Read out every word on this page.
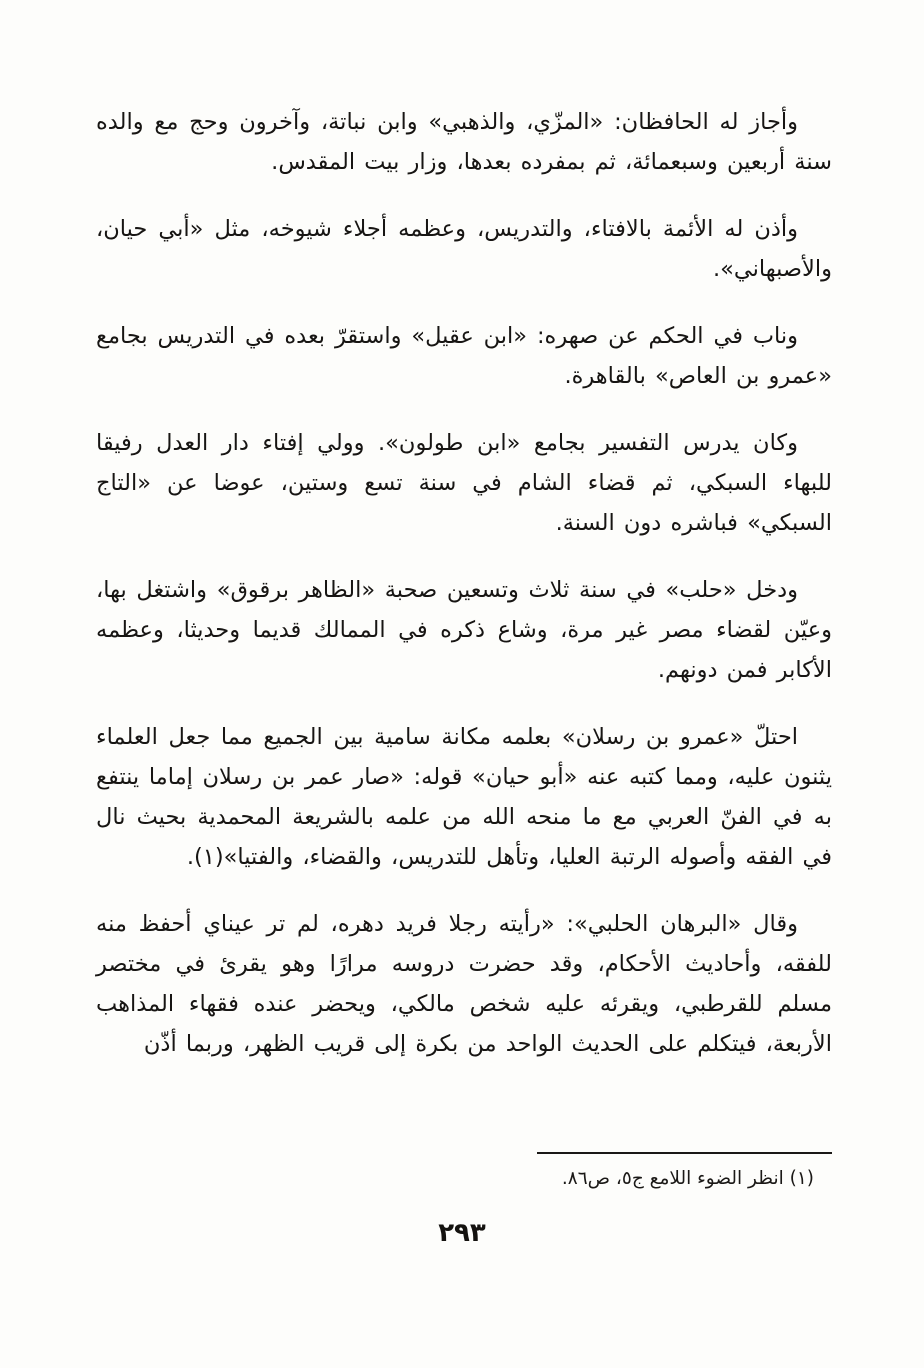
وأجاز له الحافظان: «المزّي، والذهبي» وابن نباتة، وآخرون وحج مع والده سنة أربعين وسبعمائة، ثم بمفرده بعدها، وزار بيت المقدس.

وأذن له الأئمة بالافتاء، والتدريس، وعظمه أجلاء شيوخه، مثل «أبي حيان، والأصبهاني».

وناب في الحكم عن صهره: «ابن عقيل» واستقرّ بعده في التدريس بجامع «عمرو بن العاص» بالقاهرة.

وكان يدرس التفسير بجامع «ابن طولون». وولي إفتاء دار العدل رفيقا للبهاء السبكي، ثم قضاء الشام في سنة تسع وستين، عوضا عن «التاج السبكي» فباشره دون السنة.

ودخل «حلب» في سنة ثلاث وتسعين صحبة «الظاهر برقوق» واشتغل بها، وعيّن لقضاء مصر غير مرة، وشاع ذكره في الممالك قديما وحديثا، وعظمه الأكابر فمن دونهم.

احتلّ «عمرو بن رسلان» بعلمه مكانة سامية بين الجميع مما جعل العلماء يثنون عليه، ومما كتبه عنه «أبو حيان» قوله: «صار عمر بن رسلان إماما ينتفع به في الفنّ العربي مع ما منحه الله من علمه بالشريعة المحمدية بحيث نال في الفقه وأصوله الرتبة العليا، وتأهل للتدريس، والقضاء، والفتيا»(١).

وقال «البرهان الحلبي»: «رأيته رجلا فريد دهره، لم تر عيناي أحفظ منه للفقه، وأحاديث الأحكام، وقد حضرت دروسه مرارًا وهو يقرئ في مختصر مسلم للقرطبي، ويقرئه عليه شخص مالكي، ويحضر عنده فقهاء المذاهب الأربعة، فيتكلم على الحديث الواحد من بكرة إلى قريب الظهر، وربما أذّن

(١) انظر الضوء اللامع ج٥، ص٨٦.

٢٩٣
